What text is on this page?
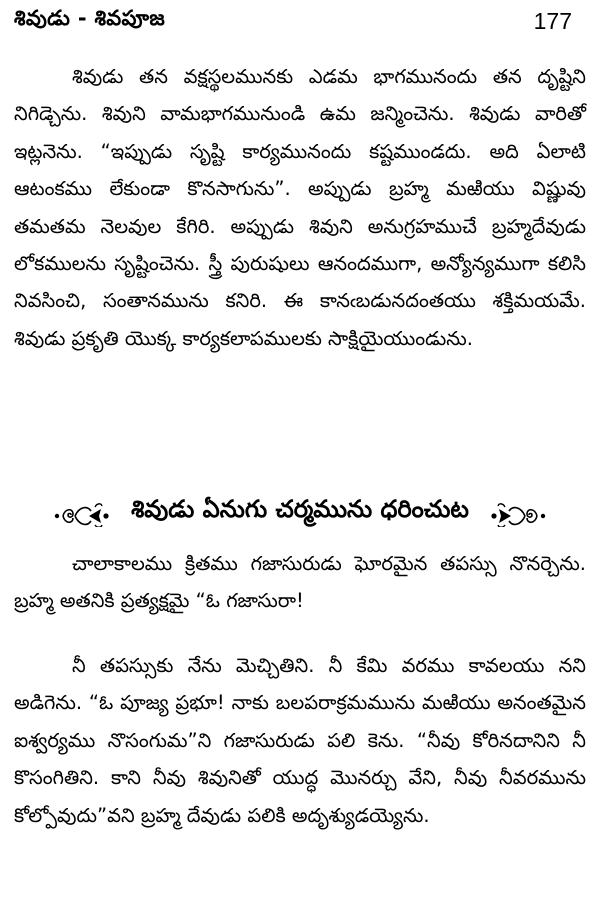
శివుడు - శివపూజ	177

శివుడు తన వక్షస్థలమునకు ఎడమ భాగమునందు తన దృష్టిని నిగిడ్చెను. శివుని వామభాగమునుండి ఉమ జన్మించెను. శివుడు వారితో ఇట్లనెను. “ఇప్పుడు సృష్టి కార్యమునందు కష్టముండదు. అది ఏలాటి ఆటంకము లేకుండా కొనసాగును”. అప్పుడు బ్రహ్మ మఱియు విష్ణువు తమతమ నెలవుల కేగిరి. అప్పుడు శివుని అనుగ్రహముచే బ్రహ్మదేవుడు లోకములను సృష్టించెను. స్త్రీ పురుషులు ఆనందముగా, అన్యోన్యముగా కలిసి నివసించి, సంతానమును కనిరి. ఈ కానఁబడునదంతయు శక్తిమయమే. శివుడు ప్రకృతి యొక్క కార్యకలాపములకు సాక్షియైయుండును.

శివుడు ఏనుగు చర్మమును ధరించుట

చాలాకాలము క్రితము గజాసురుడు ఘోరమైన తపస్సు నొనర్చెను. బ్రహ్మ అతనికి ప్రత్యక్షమై “ఓ గజాసురా!

నీ తపస్సుకు నేను మెచ్చితిని. నీ కేమి వరము కావలయు నని అడిగెను. “ఓ పూజ్య ప్రభూ! నాకు బలపరాక్రమమును మఱియు అనంతమైన ఐశ్వర్యము నొసంగుమ”ని గజాసురుడు పలి కెను. “నీవు కోరినదానిని నీ కొసంగితిని. కాని నీవు శివునితో యుద్ధ మొనర్చు వేని, నీవు నీవరమును కోల్పోవుదు”వని బ్రహ్మ దేవుడు పలికి అదృశ్యుడయ్యెను.
